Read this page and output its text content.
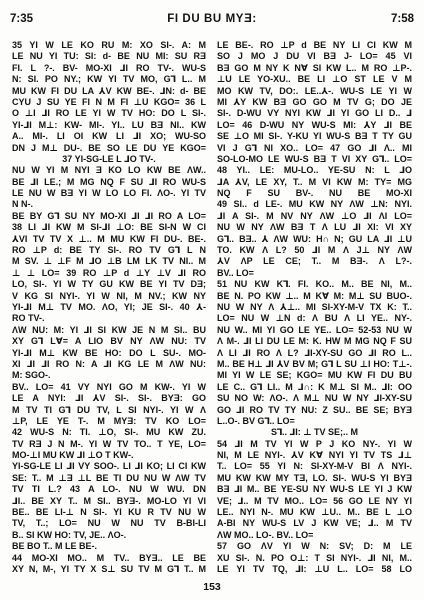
7:35	FI DU BU MYƎ:	7:58
35 YI W LE KO RU M: XO SI-. A: M
LE NU YI TU: SI: d- BE NU MI: SU RƎ
FI. L ?-. BV- MO-XI ⅃I RO TV-. WU-S
N: SI. PO NY.; KW YI TV MO, G⅂ L.. M
MU KW FI DU LA ⅄V KW BE-. ⅃N: d- BE
CYU J SU YE FI N M FI ⊥U KGO= 36 L
O ⊥I ⅃I RO LE YI W TV HO: DO L SI-.
YI-⅃I M⊥: KW- MI-. YI.. LU BƎ NI.. KW
A.. MI-. LI OI KW LI ⅃I XO; WU-SO
DN J M⊥ DU-. BE SO LE DU YE KGO=
37 YI-SG-LE L ⅃O TV-.
NU W YI M NYI Ǝ KO LO KW BE ΛW..
BE ⅃I LE.; M MG NQ F SU ⅃I RO WU-S
LE NU W BƎ YI W LO LO FI. ΛO-. YI TV
N N-.
BE BY G⅂ SU NY MO-XI ⅃I ⅃I RO A LO=
38 LI ⅃I KW M SI-⅃I ⊥O: BE SI-N W CI
⅄VI TV TV X ⊥.. M MU KW FI DU-. BE-.
RO ⊥P d: BE TY SI-. RO TV G⅂ L N
M SV. ⊥ ⊥F M ⅃O ⊥B LM LK TV NI.. M
⊥ ⊥ LO= 39 RO ⊥P d ⊥Y ⊥V ⅃I RO
LO, SI-. YI W TY GU KW BE YI TV DƎ;
V KG SI NYI-. YI W NI, M NV.; KW NY
YI-⅃I M⊥ TV MO. ΛO, YI; JE SI-. 40 ⅄-
RO TV-.
ΛW NU: M: YI ⅃I SI KW JE N M SI.. BU
XY G⅂ L∀= A LIO BV NY ΛW NU: TV
YI-⅃I M⊥ KW BE HO: DO L SU-. MO-
XI ⅃I ⅃I RO N: A ⅃I KG LE M ΛW NU:
M: SGO-.
BV.. LO= 41 VY NYI GO M KW-. YI W
LE A NYI: ⅃I ⅄V SI-. SI-. BYƎ: GO
M TV TI G⅂ DU TV, L SI NYI-. YI W Λ
⊥P, LE YE T-. M MYƎ: TV KO LO=
42 WU-S N: TI. ⊥O, SI-. MU KW ZU.
TV RƎ J N M-. YI W TV TO.. T YE, LO=
MO-⊥I MU KW ⅃I ⊥O T KW-.
YI-SG-LE LI ⅃I VY SOO-. LI ⅃I KO; LI CI KW
SE: T.. M ⊥Ǝ ⊥L BE TI DU NU W ΛW TV
TV TI L.? 43 A LO-. NU W WU. DN
⅃I.. BE XY T.. M SI.. BYƎ-. MO-LO YI VI
BE.. BE LI-⊥ N SI-. YI KU R TV NU W
TV, T..; LO= NU W NU TV B-BI-LI
B.. SI KW HO: TV, JE.. ΛO-.
BE BO T.. M LE BE-.
44 MO-XI MO.. M TV.. BYƎ.. LE BE
XY N, M-, YI TY X S⊥ SU TV M G⅂ T.. M
LE BE-. RO ⊥P d BE NY LI CI KW M
SO J MO J DU VI BƎ J- LO= 45 VI
BƎ GO M NY K N∀ SI KW L.. M RO ⊥P-.
⊥U LE YO-XU.. BE LI ⊥O ST LE V M
MO KW TV, DO:. LE..⅄-. WU-S LE YI W
MI ⅄Y KW BƎ GO GO M TV G; DO JE
SI-. D-WU VY NYI KW ⅃I YI GO LI D.. ⅃
LO= 46 D-WU NY WU-S MI: ⅄Y ⅃I BE
SE ⊥O MI SI-. Y-KU YI WU-S BƎ T TY GU
VI J G⅂ NI XO.. LO= 47 GO ⅃I Λ.. MI
SO-LO-MO LE WU-S BƎ T VI XY G⅂.. LO=
48 YI.. LE: MU-LO.. YE-SU N: L ⅃O
⅃A ⅄V, LE XY, T.. M VI KW M: TY= MG
NQ F SU BV-. NU BE MO-XI
49 SI.. d LE-. MU KW NY ΛW ⊥N: NYI.
⅃I A SI-. M NV NY ΛW ⊥O ⅃I ΛI LO=
NU W NY ΛW BƎ T Λ LU ⅃I XI: VI XY
G⅂.. BƎ.. ⅄ ΛW WU: H∩ N; GU LA ⅃I ⊥U
TO. KW Λ L? 50 ⅃I M Λ J⊥ NY ΛW
⅄V ΛP LE CE; T.. M BƎ-. Λ L?-.
BV.. LO=
51 NU KW K⅂. FI. KO.. M.. BE NI, M..
BE N. PO KW ⊥.. M K∀ M: M⊥ SU BUO-.
NU W NY Λ ⅄⊥.. MI SI-XY-M-V TX K: T..
LO= NU W ⊥N d: Λ BU Λ LI YE.. NY-.
NU W.. MI YI GO LE YE.. LO= 52-53 NU W
Λ M-. ⅃I LI DU LE M: K. HW M MG NQ F SU
Λ LI ⅃I RO Λ L? ⅃I-XY-SU GO ⅃I RO L..
M.. BE H⊥ ⅃I ⅄V BV M; G⅂ L SU ⊥I HO: T⊥-.
MI YI W LE SE; KGO= MU KW FI DU BU
LE C.. G⅂ LI.. M ⅃∩: K M⊥ SI M.. ⅃I: OO
SU NO W: ΛO-. Λ M⊥ NU W NY ⅃I-XY-SU
GO ⅃I RO TV TY NU: Z SU.. BE SE; BYƎ
L..O-. BV G⅂.. LO=
S⅂.. ⅃I: ⊥ TV SE;.. M
54 ⅃I M TV YI W P J KO NY-. YI W
NI, M LE NYI-. ⅄V K∀ NYI YI TV TS ⅃⊥
T.. LO= 55 YI N: SI-XY-M-V BI Λ NYI-.
MU KW KW MY TƎ, LO. SI-. WU-S YI BYƎ
BƎ ⅃I M.. BE YE-SU NY WU-S LE YI J KW
VE; ⅃.. M TV MO.. LO= 56 GO LE NY YI
LE.. NYI N-. MU KW ⊥U.. M.. BE L ⊥O
A-BI NY WU-S LV J KW VE; ⅃.. M TV
ΛW MO.. LO-. BV.. LO=
57 GO ΛV YI W N: SV; D: M LE
XU SI-. N. PO O⊥: T SI NYI-. ⅃I NI, M..
LE YI TV TQ, ⅃I: ⊥U L.. LO= 58 LO
153
